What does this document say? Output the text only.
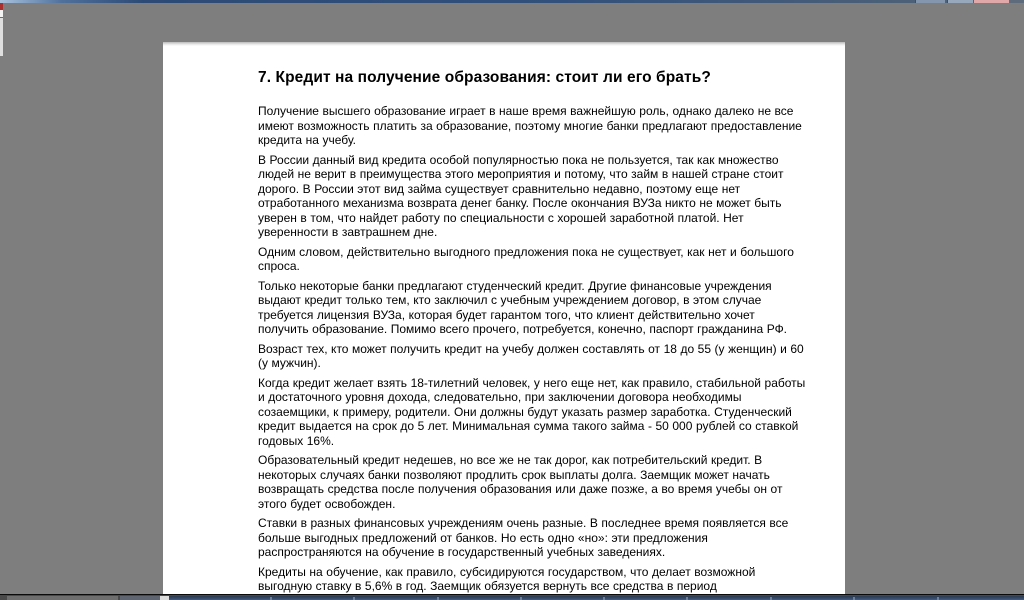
7. Кредит на получение образования: стоит ли его брать?

Получение высшего образование играет в наше время важнейшую роль, однако далеко не все имеют возможность платить за образование, поэтому многие банки предлагают предоставление кредита на учебу.

В России данный вид кредита особой популярностью пока не пользуется, так как множество людей не верит в преимущества этого мероприятия и потому, что займ в нашей стране стоит дорого. В России этот вид займа существует сравнительно недавно, поэтому еще нет отработанного механизма возврата денег банку. После окончания ВУЗа никто не может быть уверен в том, что найдет работу по специальности с хорошей заработной платой. Нет уверенности в завтрашнем дне.

Одним словом, действительно выгодного предложения пока не существует, как нет и большого спроса.

Только некоторые банки предлагают студенческий кредит. Другие финансовые учреждения выдают кредит только тем, кто заключил с учебным учреждением договор, в этом случае требуется лицензия ВУЗа, которая будет гарантом того, что клиент действительно хочет получить образование. Помимо всего прочего, потребуется, конечно, паспорт гражданина РФ.

Возраст тех, кто может получить кредит на учебу должен составлять от 18 до 55 (у женщин) и 60 (у мужчин).

Когда кредит желает взять 18-тилетний человек, у него еще нет, как правило, стабильной работы и достаточного уровня дохода, следовательно, при заключении договора необходимы созаемщики, к примеру, родители. Они должны будут указать размер заработка. Студенческий кредит выдается на срок до 5 лет. Минимальная сумма такого займа - 50 000 рублей со ставкой годовых 16%.

Образовательный кредит недешев, но все же не так дорог, как потребительский кредит. В некоторых случаях банки позволяют продлить срок выплаты долга. Заемщик может начать возвращать средства после получения образования или даже позже, а во время учебы он от этого будет освобожден.

Ставки в разных финансовых учреждениям очень разные. В последнее время появляется все больше выгодных предложений от банков. Но есть одно «но»: эти предложения распространяются на обучение в государственный учебных заведениях.

Кредиты на обучение, как правило, субсидируются государством, что делает возможной выгодную ставку в 5,6% в год. Заемщик обязуется вернуть все средства в период
